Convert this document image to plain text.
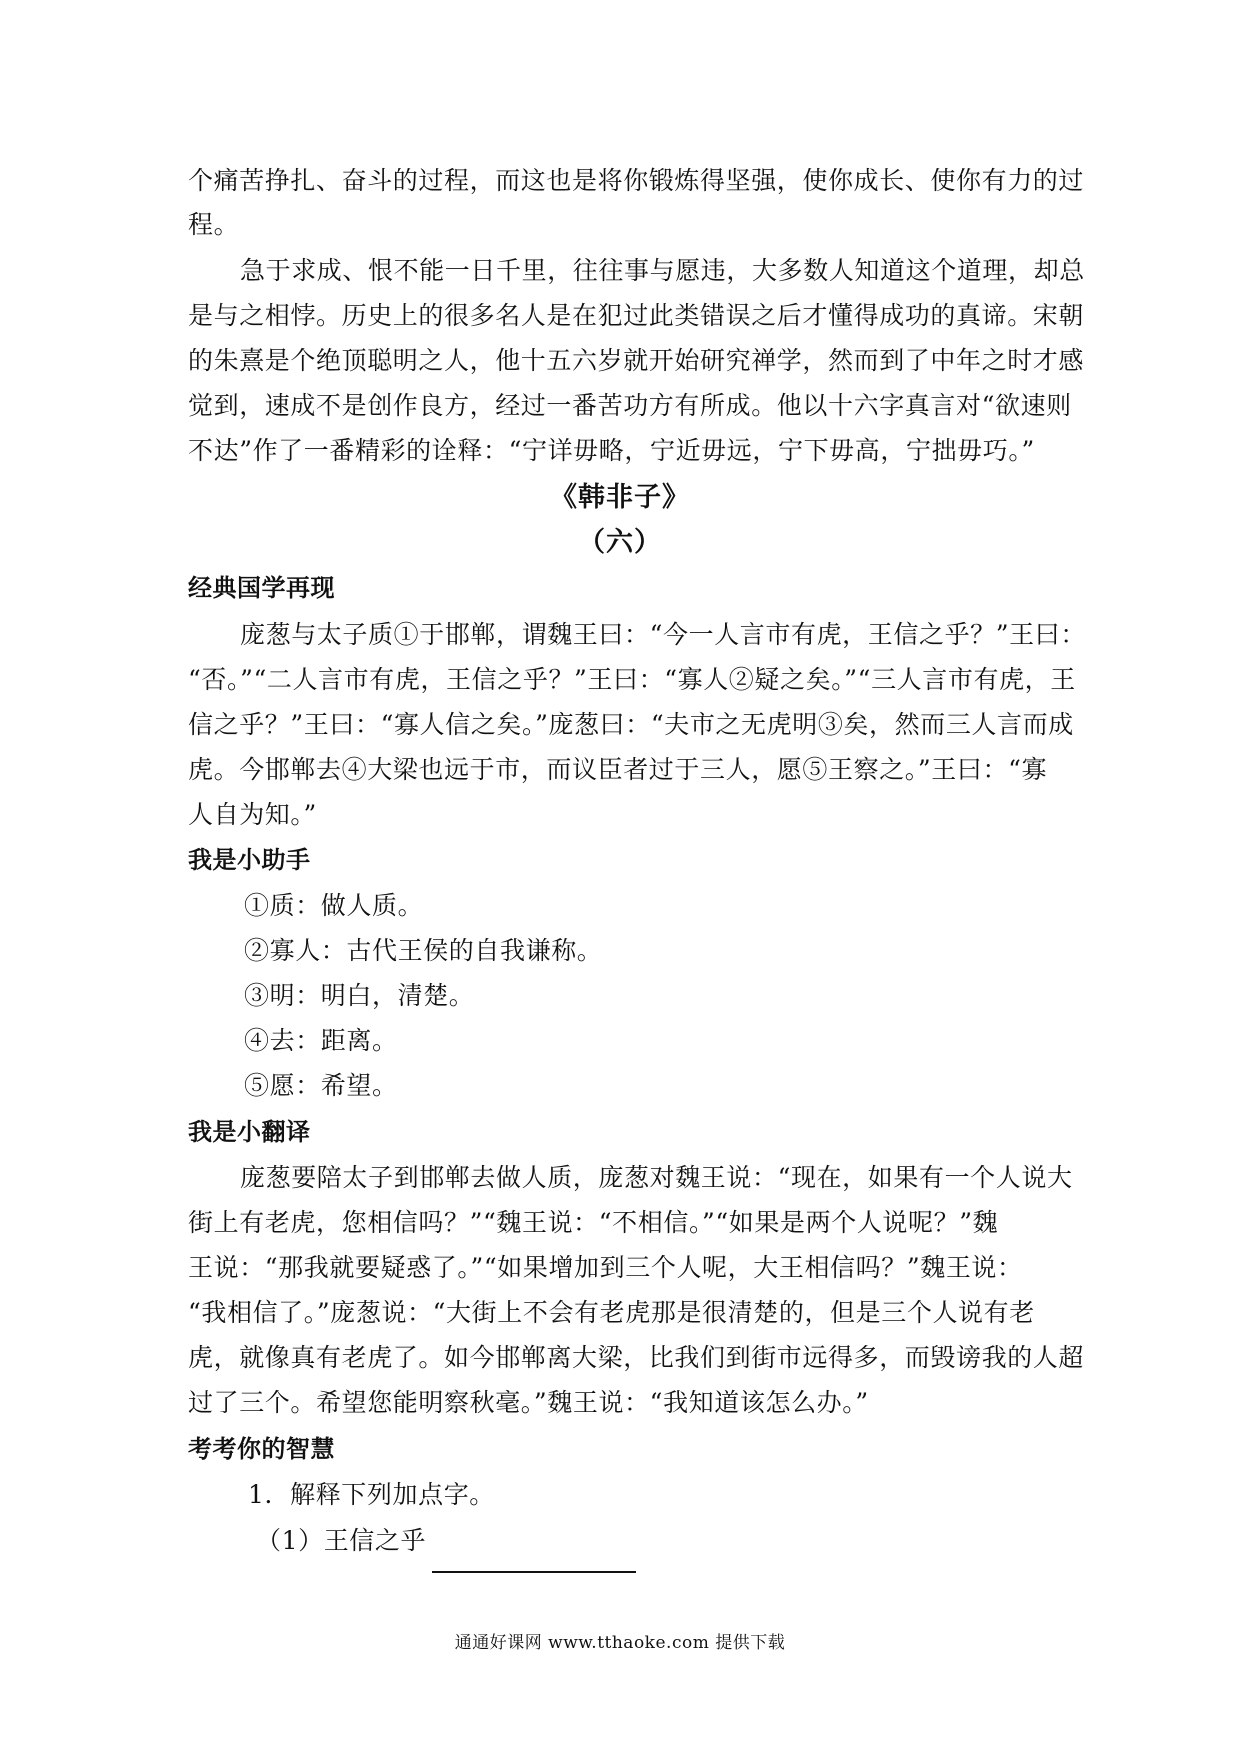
个痛苦挣扎、奋斗的过程，而这也是将你锻炼得坚强，使你成长、使你有力的过
程。
急于求成、恨不能一日千里，往往事与愿违，大多数人知道这个道理，却总
是与之相悖。历史上的很多名人是在犯过此类错误之后才懂得成功的真谛。宋朝
的朱熹是个绝顶聪明之人，他十五六岁就开始研究禅学，然而到了中年之时才感
觉到，速成不是创作良方，经过一番苦功方有所成。他以十六字真言对“欲速则
不达”作了一番精彩的诠释：“宁详毋略，宁近毋远，宁下毋高，宁拙毋巧。”
《韩非子》
（六）
经典国学再现
庞葱与太子质①于邯郸，谓魏王曰：“今一人言市有虎，王信之乎？”王曰：
“否。”“二人言市有虎，王信之乎？”王曰：“寡人②疑之矣。”“三人言市有虎，王
信之乎？”王曰：“寡人信之矣。”庞葱曰：“夫市之无虎明③矣，然而三人言而成
虎。今邯郸去④大梁也远于市，而议臣者过于三人，愿⑤王察之。”王曰：“寡
人自为知。”
我是小助手
①质：做人质。
②寡人：古代王侯的自我谦称。
③明：明白，清楚。
④去：距离。
⑤愿：希望。
我是小翻译
庞葱要陪太子到邯郸去做人质，庞葱对魏王说：“现在，如果有一个人说大
街上有老虎，您相信吗？”“魏王说：“不相信。”“如果是两个人说呢？”魏
王说：“那我就要疑惑了。”“如果增加到三个人呢，大王相信吗？”魏王说：
“我相信了。”庞葱说：“大街上不会有老虎那是很清楚的，但是三个人说有老
虎，就像真有老虎了。如今邯郸离大梁，比我们到街市远得多，而毁谤我的人超
过了三个。希望您能明察秋毫。”魏王说：“我知道该怎么办。”
考考你的智慧
1．解释下列加点字。
（1）王信之乎
通通好课网 www.tthaoke.com 提供下载
